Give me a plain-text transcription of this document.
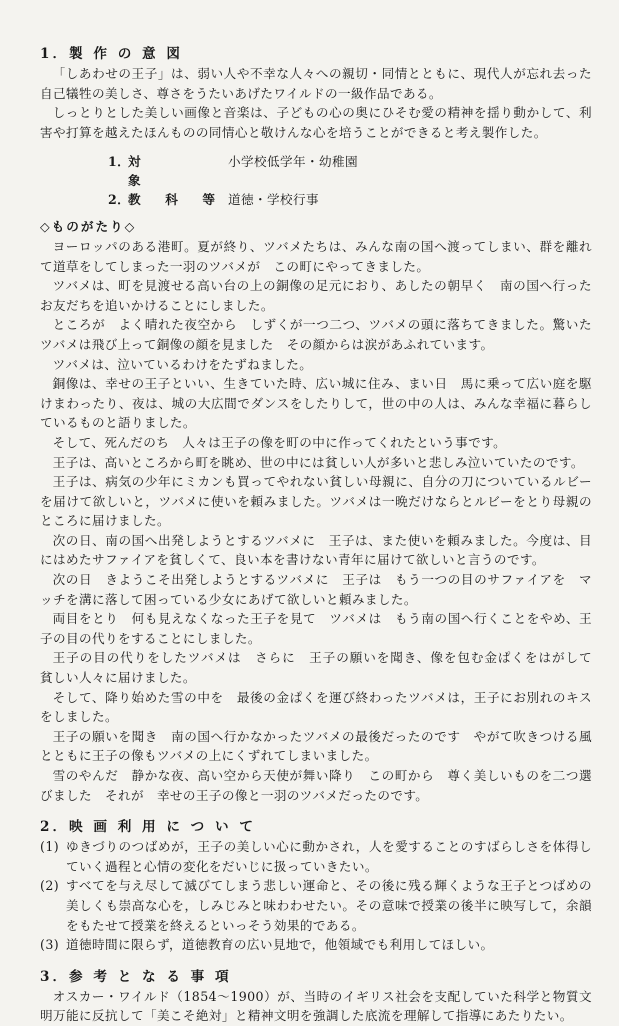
1．製 作 の 意 図

「しあわせの王子」は、弱い人や不幸な人々への親切・同情とともに、現代人が忘れ去った自己犠牲の美しさ、尊さをうたいあげたワイルドの一級作品である。

しっとりとした美しい画像と音楽は、子どもの心の奥にひそむ愛の精神を揺り動かして、利害や打算を越えたほんものの同情心と敬けんな心を培うことができると考え製作した。

1．
対　　象
小学校低学年・幼稚園
2．
教　科　等 道徳・学校行事
◇ものがたり◇

ヨーロッパのある港町。夏が終り、ツバメたちは、みんな南の国へ渡ってしまい、群を離れて道草をしてしまった一羽のツバメが　この町にやってきました。

ツバメは、町を見渡せる高い台の上の銅像の足元におり、あしたの朝早く　南の国へ行ったお友だちを追いかけることにしました。

ところが　よく晴れた夜空から　しずくが一つ二つ、ツバメの頭に落ちてきました。驚いたツバメは飛び上って銅像の顔を見ました　その顔からは涙があふれています。

ツバメは、泣いているわけをたずねました。

銅像は、幸せの王子といい、生きていた時、広い城に住み、まい日　馬に乗って広い庭を駆けまわったり、夜は、城の大広間でダンスをしたりして，世の中の人は、みんな幸福に暮らしているものと語りました。

そして、死んだのち　人々は王子の像を町の中に作ってくれたという事です。

王子は、高いところから町を眺め、世の中には貧しい人が多いと悲しみ泣いていたのです。

王子は、病気の少年にミカンも買ってやれない貧しい母親に、自分の刀についているルビーを届けて欲しいと，ツバメに使いを頼みました。ツバメは一晩だけならとルビーをとり母親のところに届けました。

次の日、南の国へ出発しようとするツバメに　王子は、また使いを頼みました。今度は、目にはめたサファイアを貧しくて、良い本を書けない青年に届けて欲しいと言うのです。

次の日　きようこそ出発しようとするツバメに　王子は　もう一つの目のサファイアを　マッチを溝に落して困っている少女にあげて欲しいと頼みました。

両目をとり　何も見えなくなった王子を見て　ツバメは　もう南の国へ行くことをやめ、王子の目の代りをすることにしました。

王子の目の代りをしたツバメは　さらに　王子の願いを聞き、像を包む金ぱくをはがして　貧しい人々に届けました。

そして、降り始めた雪の中を　最後の金ぱくを運び終わったツバメは，王子にお別れのキスをしました。

王子の願いを聞き　南の国へ行かなかったツバメの最後だったのです　やがて吹きつける風とともに王子の像もツバメの上にくずれてしまいました。

雪のやんだ　静かな夜、高い空から天使が舞い降り　この町から　尊く美しいものを二つ選びました　それが　幸せの王子の像と一羽のツバメだったのです。

2．映 画 利 用 に つ い て
(1) ゆきづりのつばめが，王子の美しい心に動かされ，人を愛することのすばらしさを体得していく過程と心情の変化をだいじに扱っていきたい。
(2) すべてを与え尽して滅びてしまう悲しい運命と、その後に残る輝くような王子とつばめの美しくも崇高な心を，しみじみと味わわせたい。その意味で授業の後半に映写して，余韻をもたせて授業を終えるといっそう効果的である。
(3) 道徳時間に限らず，道徳教育の広い見地で，他領域でも利用してほしい。
3．参 考 と な る 事 項

オスカー・ワイルド（1854～1900）が、当時のイギリス社会を支配していた科学と物質文明万能に反抗して「美こそ絶対」と精神文明を強調した底流を理解して指導にあたりたい。
